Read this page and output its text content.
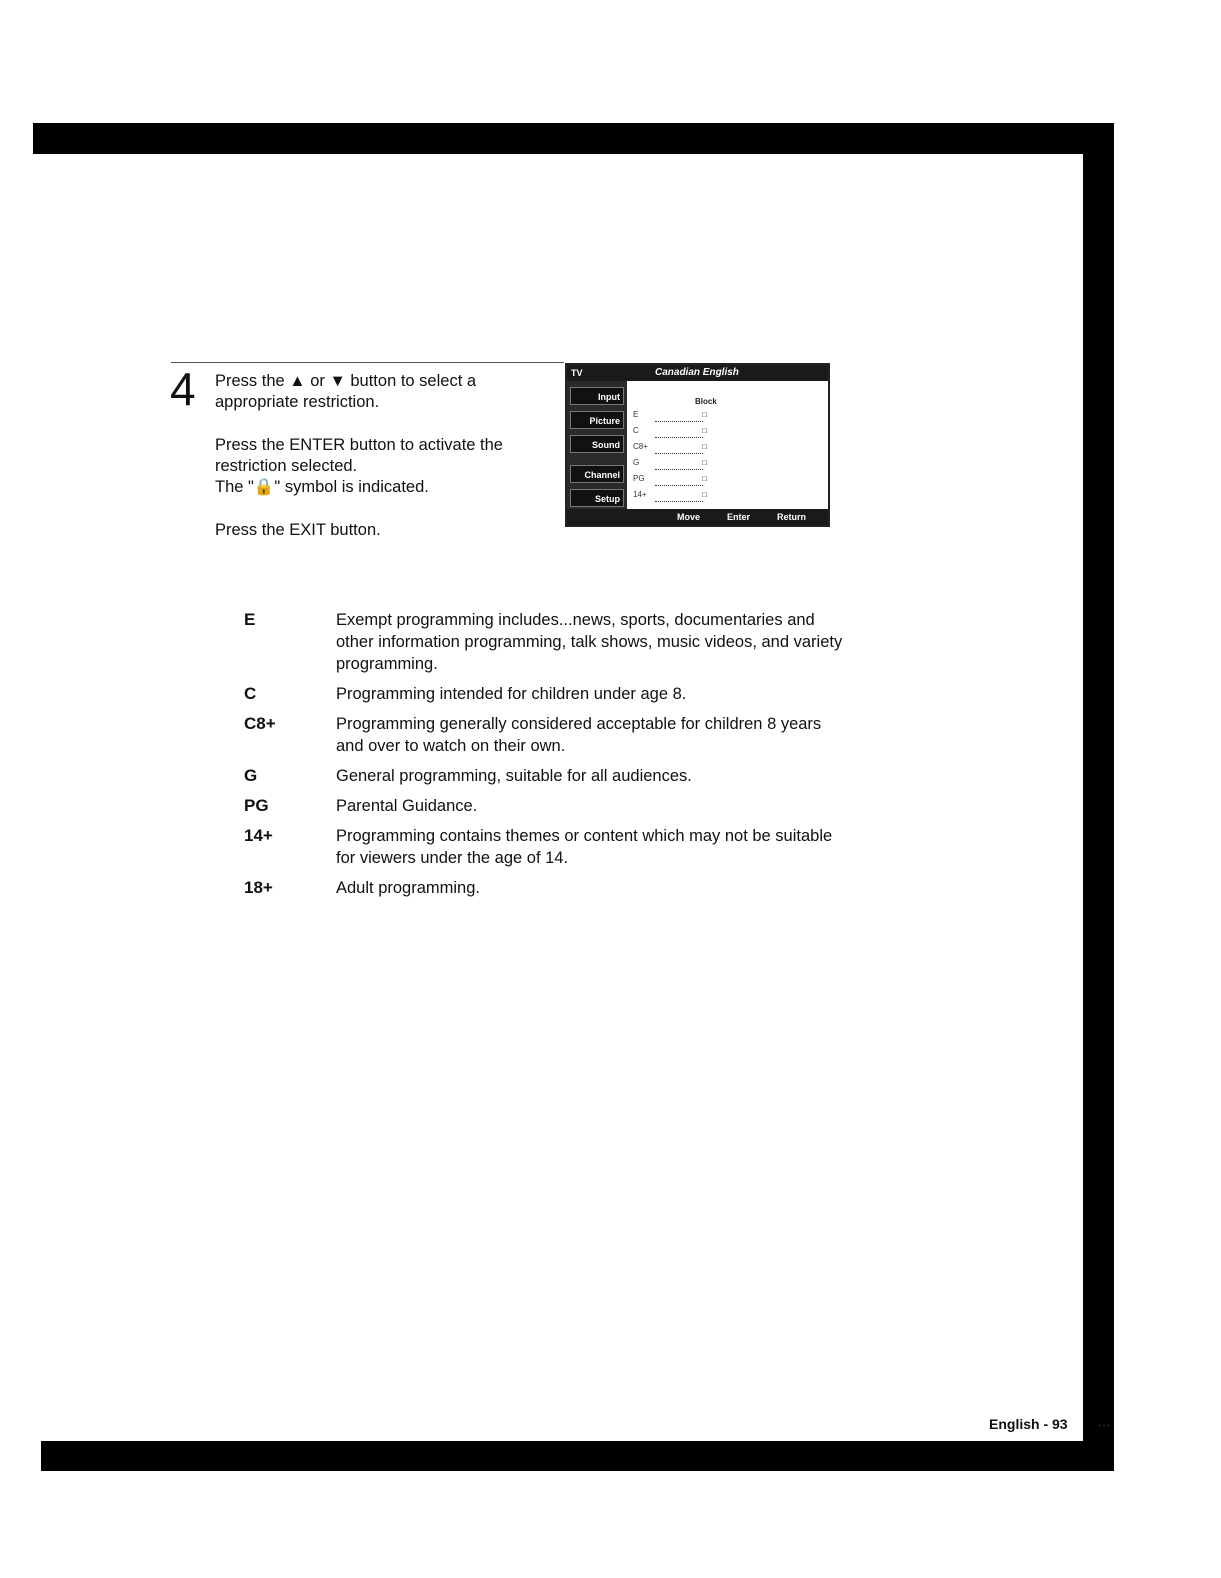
4 Press the ▲ or ▼ button to select a appropriate restriction.

Press the ENTER button to activate the restriction selected.

The "🔒" symbol is indicated.

Press the EXIT button.

TV	Canadian English
Input
Picture
Sound
Channel
Setup
Block
E	□
C	□
C8+	□
G	□
PG	□
14+	□
Move	Enter	Return
E	Exempt programming includes...news, sports, documentaries and other information programming, talk shows, music videos, and variety programming.
C	Programming intended for children under age 8.
C8+	Programming generally considered acceptable for children 8 years and over to watch on their own.
G	General programming, suitable for all audiences.
PG	Parental Guidance.
14+	Programming contains themes or content which may not be suitable for viewers under the age of 14.
18+	Adult programming.
English - 93	···
